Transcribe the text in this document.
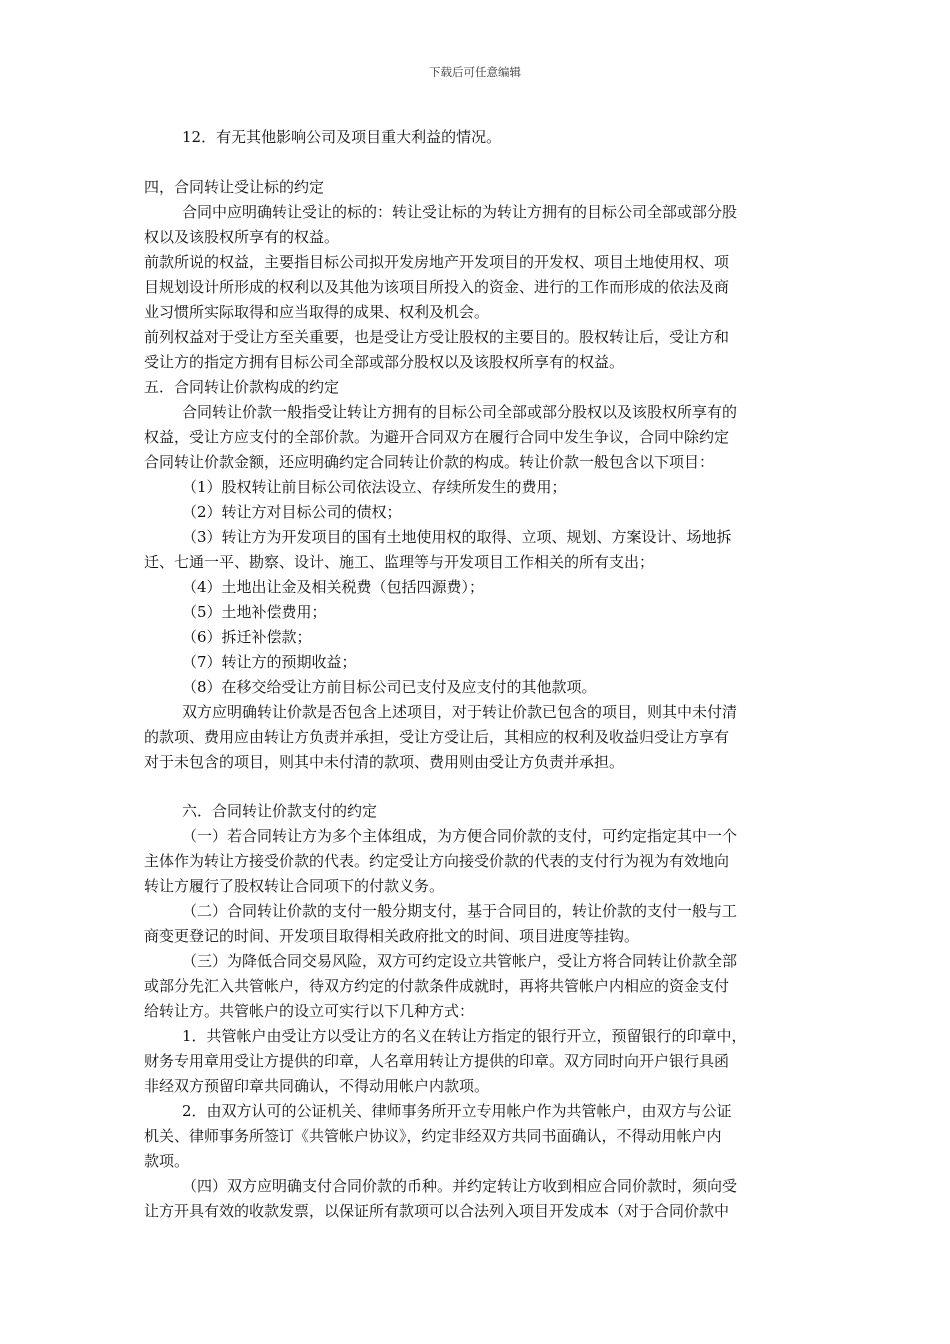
下载后可任意编辑
12．有无其他影响公司及项目重大利益的情况。
四，合同转让受让标的约定
合同中应明确转让受让的标的：转让受让标的为转让方拥有的目标公司全部或部分股
权以及该股权所享有的权益。
前款所说的权益，主要指目标公司拟开发房地产开发项目的开发权、项目土地使用权、项
目规划设计所形成的权利以及其他为该项目所投入的资金、进行的工作而形成的依法及商
业习惯所实际取得和应当取得的成果、权利及机会。
前列权益对于受让方至关重要，也是受让方受让股权的主要目的。股权转让后，受让方和
受让方的指定方拥有目标公司全部或部分股权以及该股权所享有的权益。
五．合同转让价款构成的约定
合同转让价款一般指受让转让方拥有的目标公司全部或部分股权以及该股权所享有的
权益，受让方应支付的全部价款。为避开合同双方在履行合同中发生争议，合同中除约定
合同转让价款金额，还应明确约定合同转让价款的构成。转让价款一般包含以下项目：
（1）股权转让前目标公司依法设立、存续所发生的费用；
（2）转让方对目标公司的债权；
（3）转让方为开发项目的国有土地使用权的取得、立项、规划、方案设计、场地拆
迁、七通一平、勘察、设计、施工、监理等与开发项目工作相关的所有支出；
（4）土地出让金及相关税费（包括四源费）；
（5）土地补偿费用；
（6）拆迁补偿款；
（7）转让方的预期收益；
（8）在移交给受让方前目标公司已支付及应支付的其他款项。
双方应明确转让价款是否包含上述项目，对于转让价款已包含的项目，则其中未付清
的款项、费用应由转让方负责并承担，受让方受让后，其相应的权利及收益归受让方享有
对于未包含的项目，则其中未付清的款项、费用则由受让方负责并承担。
六．合同转让价款支付的约定
（一）若合同转让方为多个主体组成，为方便合同价款的支付，可约定指定其中一个
主体作为转让方接受价款的代表。约定受让方向接受价款的代表的支付行为视为有效地向
转让方履行了股权转让合同项下的付款义务。
（二）合同转让价款的支付一般分期支付，基于合同目的，转让价款的支付一般与工
商变更登记的时间、开发项目取得相关政府批文的时间、项目进度等挂钩。
（三）为降低合同交易风险，双方可约定设立共管帐户，受让方将合同转让价款全部
或部分先汇入共管帐户，待双方约定的付款条件成就时，再将共管帐户内相应的资金支付
给转让方。共管帐户的设立可实行以下几种方式：
1．共管帐户由受让方以受让方的名义在转让方指定的银行开立，预留银行的印章中，
财务专用章用受让方提供的印章，人名章用转让方提供的印章。双方同时向开户银行具函
非经双方预留印章共同确认，不得动用帐户内款项。
2．由双方认可的公证机关、律师事务所开立专用帐户作为共管帐户，由双方与公证
机关、律师事务所签订《共管帐户协议》，约定非经双方共同书面确认，不得动用帐户内
款项。
（四）双方应明确支付合同价款的币种。并约定转让方收到相应合同价款时，须向受
让方开具有效的收款发票，以保证所有款项可以合法列入项目开发成本（对于合同价款中
